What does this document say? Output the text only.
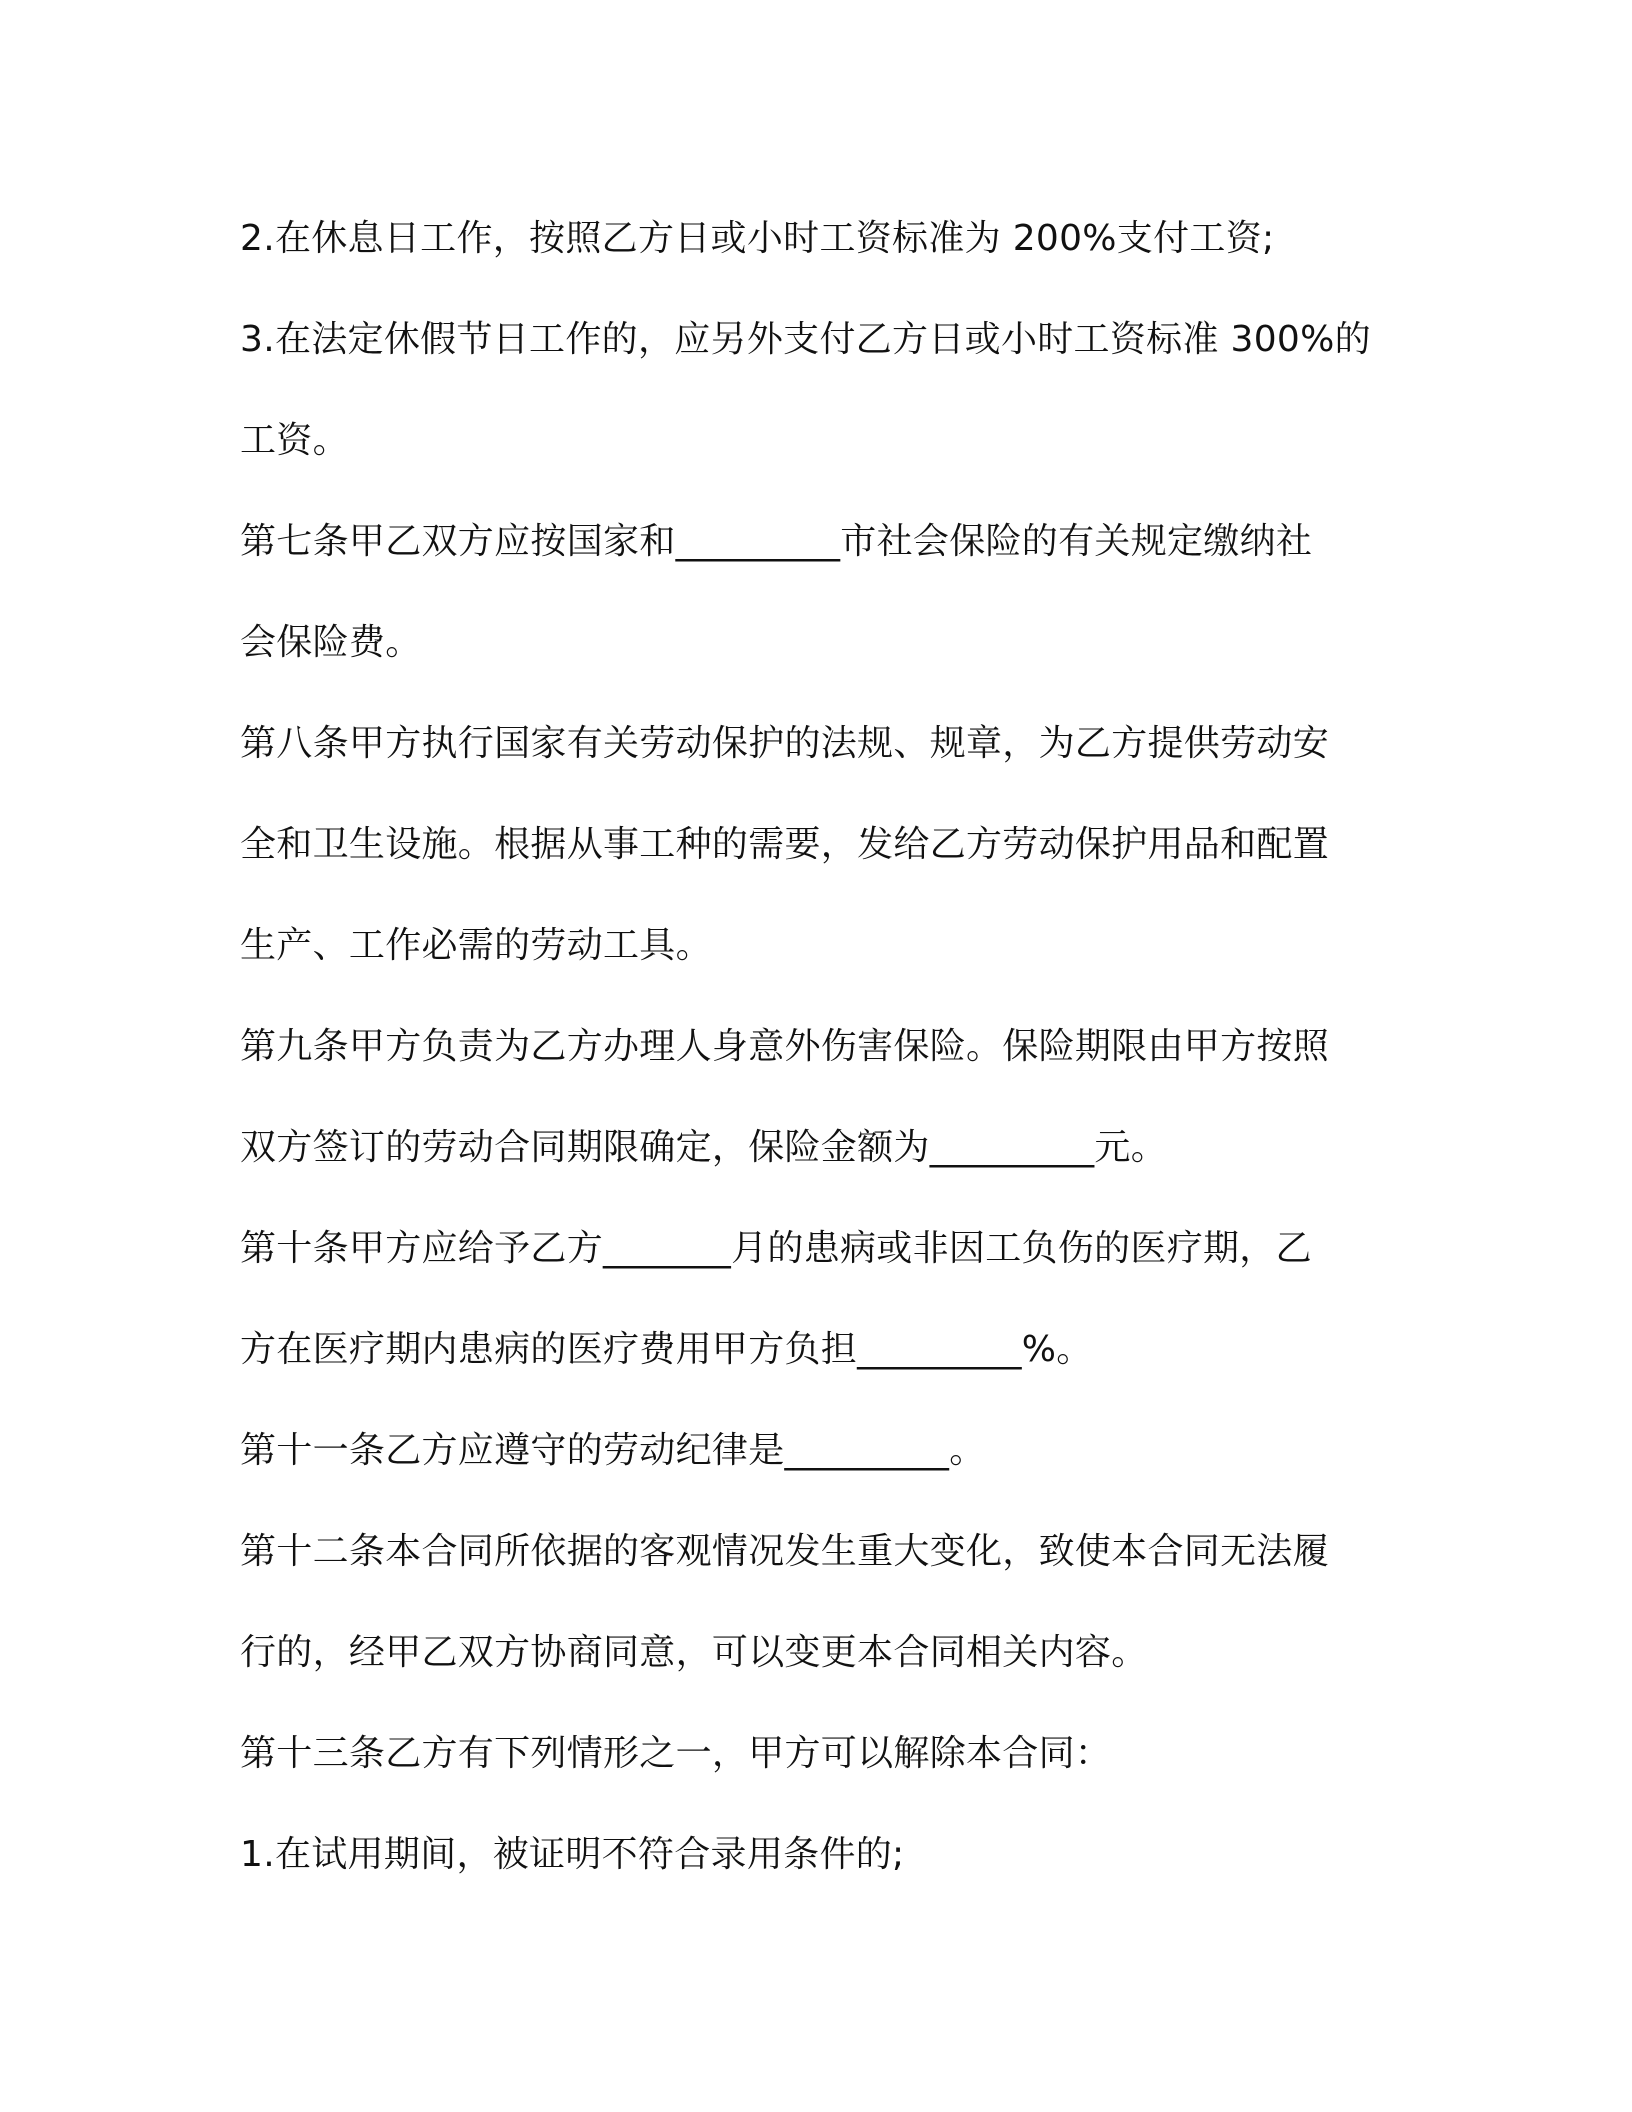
2.在休息日工作，按照乙方日或小时工资标准为 200%支付工资;
3.在法定休假节日工作的，应另外支付乙方日或小时工资标准 300%的
工资。
第七条甲乙双方应按国家和_________市社会保险的有关规定缴纳社
会保险费。
第八条甲方执行国家有关劳动保护的法规、规章，为乙方提供劳动安
全和卫生设施。根据从事工种的需要，发给乙方劳动保护用品和配置
生产、工作必需的劳动工具。
第九条甲方负责为乙方办理人身意外伤害保险。保险期限由甲方按照
双方签订的劳动合同期限确定，保险金额为_________元。
第十条甲方应给予乙方_______月的患病或非因工负伤的医疗期，乙
方在医疗期内患病的医疗费用甲方负担_________%。
第十一条乙方应遵守的劳动纪律是_________。
第十二条本合同所依据的客观情况发生重大变化，致使本合同无法履
行的，经甲乙双方协商同意，可以变更本合同相关内容。
第十三条乙方有下列情形之一，甲方可以解除本合同：
1.在试用期间，被证明不符合录用条件的;
